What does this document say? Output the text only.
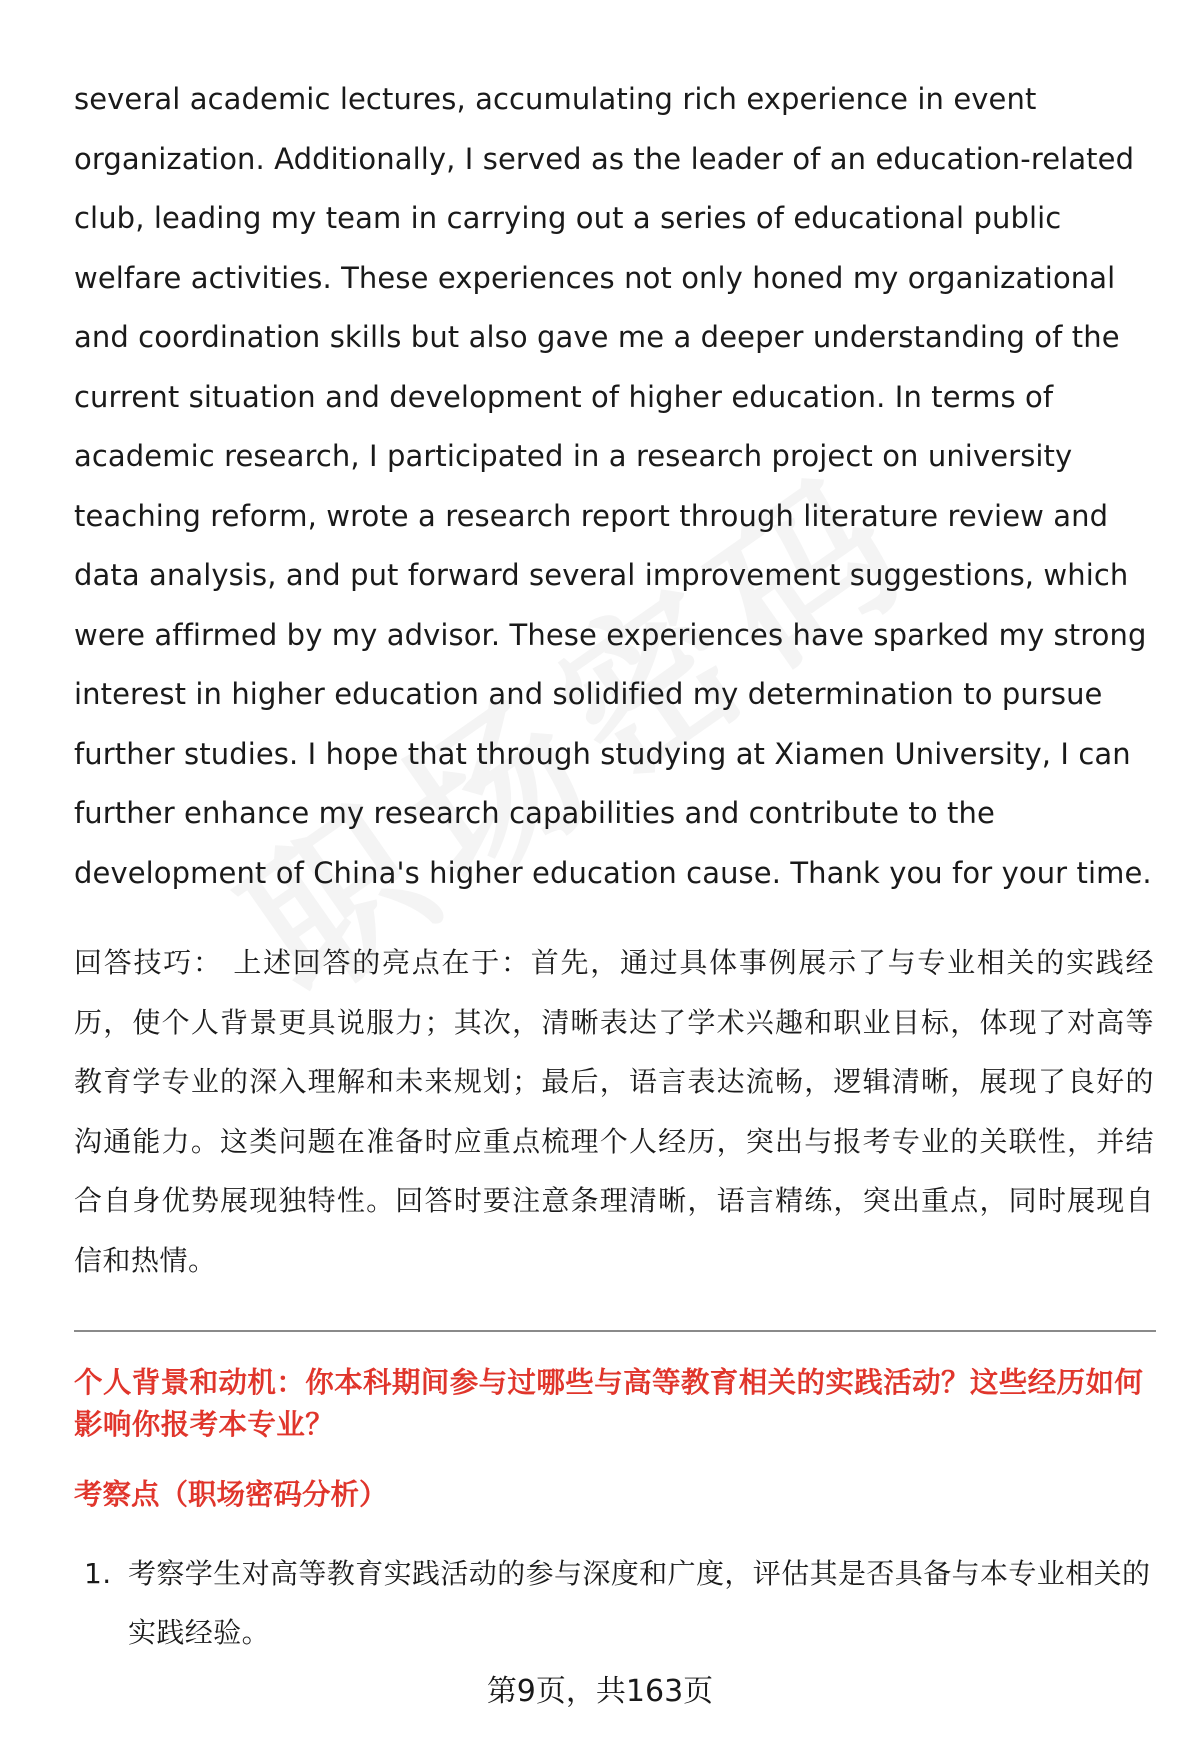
several academic lectures, accumulating rich experience in event organization. Additionally, I served as the leader of an education-related club, leading my team in carrying out a series of educational public welfare activities. These experiences not only honed my organizational and coordination skills but also gave me a deeper understanding of the current situation and development of higher education. In terms of academic research, I participated in a research project on university teaching reform, wrote a research report through literature review and data analysis, and put forward several improvement suggestions, which were affirmed by my advisor. These experiences have sparked my strong interest in higher education and solidified my determination to pursue further studies. I hope that through studying at Xiamen University, I can further enhance my research capabilities and contribute to the development of China's higher education cause. Thank you for your time.

回答技巧： 上述回答的亮点在于：首先，通过具体事例展示了与专业相关的实践经历，使个人背景更具说服力；其次，清晰表达了学术兴趣和职业目标，体现了对高等教育学专业的深入理解和未来规划；最后，语言表达流畅，逻辑清晰，展现了良好的沟通能力。这类问题在准备时应重点梳理个人经历，突出与报考专业的关联性，并结合自身优势展现独特性。回答时要注意条理清晰，语言精练，突出重点，同时展现自信和热情。

个人背景和动机：你本科期间参与过哪些与高等教育相关的实践活动？这些经历如何影响你报考本专业？

考察点（职场密码分析）

1. 考察学生对高等教育实践活动的参与深度和广度，评估其是否具备与本专业相关的实践经验。
第9页，共163页
